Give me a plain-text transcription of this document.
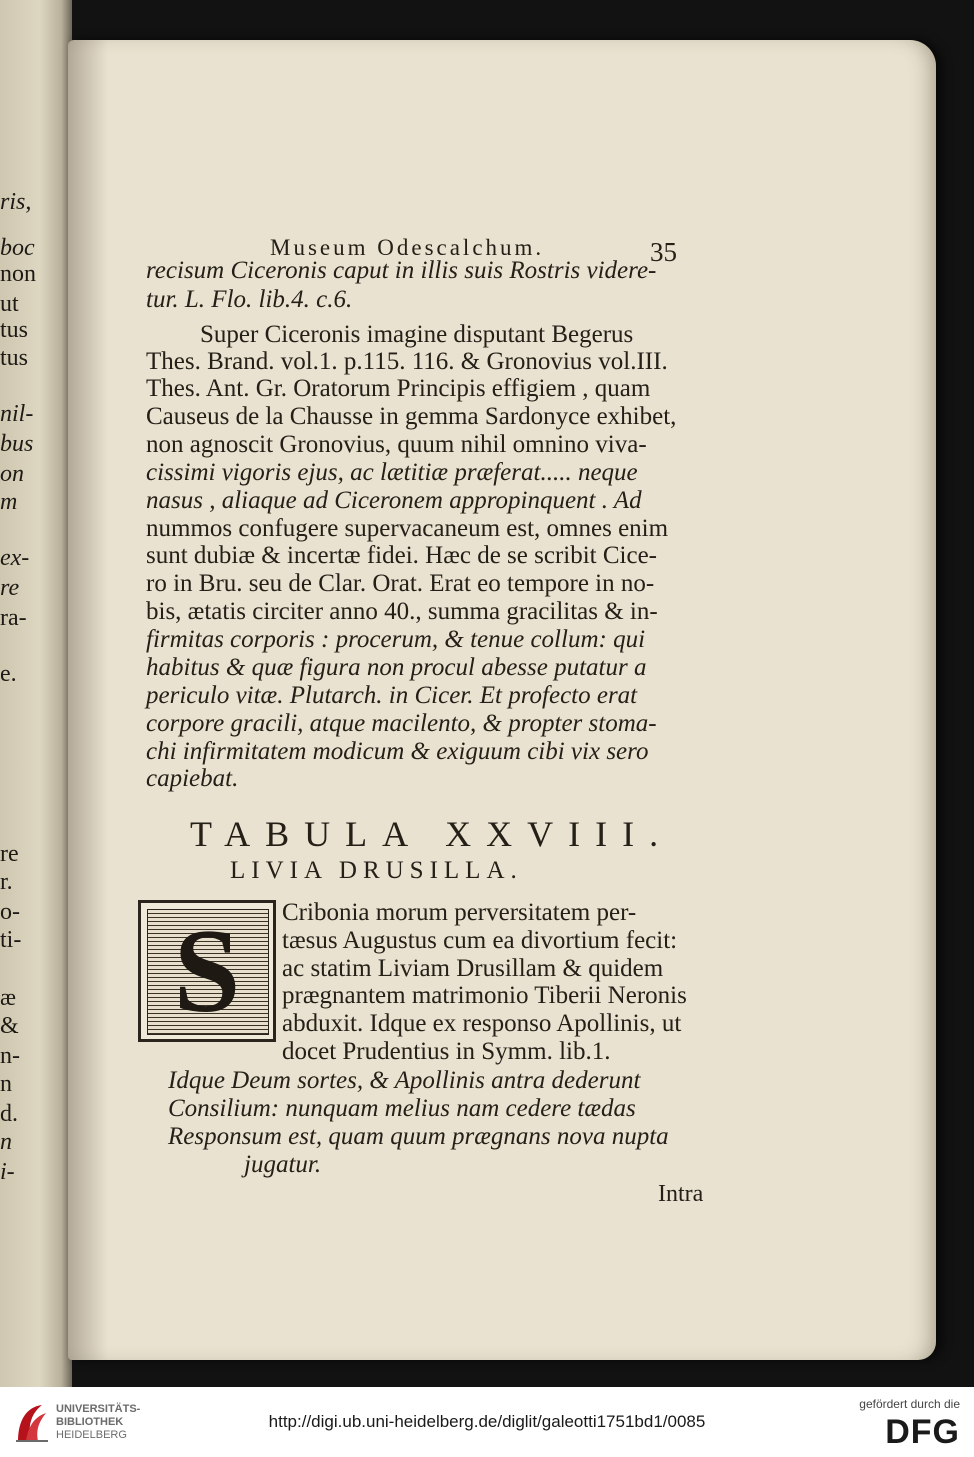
ris,
boc
non
ut
tus
tus
nil-
bus
on
m
ex-
re
ra-
e.
re
r.
o-
ti-
æ
&
n-
n
d.
n
i-
Museum Odescalchum.	35
recisum Ciceronis caput in illis suis Rostris videre-
tur. L. Flo. lib.4. c.6.
Super Ciceronis imagine disputant Begerus
Thes. Brand. vol.1. p.115. 116. & Gronovius vol.III.
Thes. Ant. Gr. Oratorum Principis effigiem , quam
Causeus de la Chausse in gemma Sardonyce exhibet,
non agnoscit Gronovius, quum nihil omnino viva-
cissimi vigoris ejus, ac lætitiæ præferat..... neque
nasus , aliaque ad Ciceronem appropinquent . Ad
nummos confugere supervacaneum est, omnes enim
sunt dubiæ & incertæ fidei. Hæc de se scribit Cice-
ro in Bru. seu de Clar. Orat. Erat eo tempore in no-
bis, ætatis circiter anno 40., summa gracilitas & in-
firmitas corporis : procerum, & tenue collum: qui
habitus & quæ figura non procul abesse putatur a
periculo vitæ. Plutarch. in Cicer. Et profecto erat
corpore gracili, atque macilento, & propter stoma-
chi infirmitatem modicum & exiguum cibi vix sero
capiebat.
TABULA XXVIII.
LIVIA DRUSILLA.
S	Cribonia morum perversitatem per-
tæsus Augustus cum ea divortium fecit:
ac statim Liviam Drusillam & quidem
prægnantem matrimonio Tiberii Neronis
abduxit. Idque ex responso Apollinis, ut
docet Prudentius in Symm. lib.1.
Idque Deum sortes, & Apollinis antra dederunt
Consilium: nunquam melius nam cedere tædas
Responsum est, quam quum prægnans nova nupta
jugatur.
Intra
UNIVERSITÄTS-
BIBLIOTHEK
HEIDELBERG
http://digi.ub.uni-heidelberg.de/diglit/galeotti1751bd1/0085
gefördert durch die
DFG
